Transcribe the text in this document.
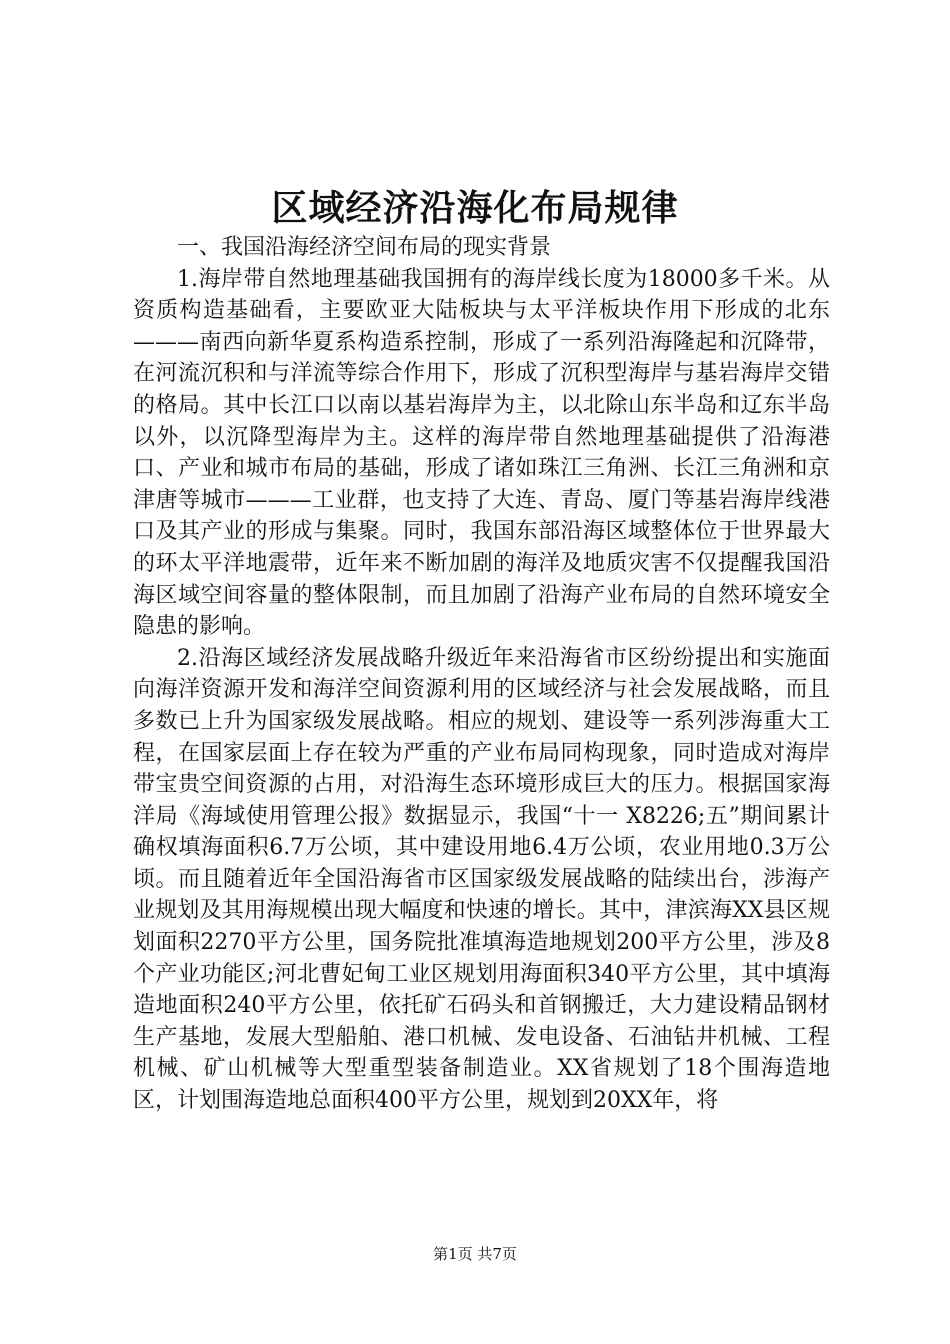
区域经济沿海化布局规律

一、我国沿海经济空间布局的现实背景

1.海岸带自然地理基础我国拥有的海岸线长度为18000多千米。从资质构造基础看，主要欧亚大陆板块与太平洋板块作用下形成的北东———南西向新华夏系构造系控制，形成了一系列沿海隆起和沉降带，在河流沉积和与洋流等综合作用下，形成了沉积型海岸与基岩海岸交错的格局。其中长江口以南以基岩海岸为主，以北除山东半岛和辽东半岛以外，以沉降型海岸为主。这样的海岸带自然地理基础提供了沿海港口、产业和城市布局的基础，形成了诸如珠江三角洲、长江三角洲和京津唐等城市———工业群，也支持了大连、青岛、厦门等基岩海岸线港口及其产业的形成与集聚。同时，我国东部沿海区域整体位于世界最大的环太平洋地震带，近年来不断加剧的海洋及地质灾害不仅提醒我国沿海区域空间容量的整体限制，而且加剧了沿海产业布局的自然环境安全隐患的影响。

2.沿海区域经济发展战略升级近年来沿海省市区纷纷提出和实施面向海洋资源开发和海洋空间资源利用的区域经济与社会发展战略，而且多数已上升为国家级发展战略。相应的规划、建设等一系列涉海重大工程，在国家层面上存在较为严重的产业布局同构现象，同时造成对海岸带宝贵空间资源的占用，对沿海生态环境形成巨大的压力。根据国家海洋局《海域使用管理公报》数据显示，我国“十一 X8226;五”期间累计确权填海面积6.7万公顷，其中建设用地6.4万公顷，农业用地0.3万公顷。而且随着近年全国沿海省市区国家级发展战略的陆续出台，涉海产业规划及其用海规模出现大幅度和快速的增长。其中，津滨海XX县区规划面积2270平方公里，国务院批准填海造地规划200平方公里，涉及8个产业功能区;河北曹妃甸工业区规划用海面积340平方公里，其中填海造地面积240平方公里，依托矿石码头和首钢搬迁，大力建设精品钢材生产基地，发展大型船舶、港口机械、发电设备、石油钻井机械、工程机械、矿山机械等大型重型装备制造业。XX省规划了18个围海造地区，计划围海造地总面积400平方公里，规划到20XX年，将

第1页 共7页
